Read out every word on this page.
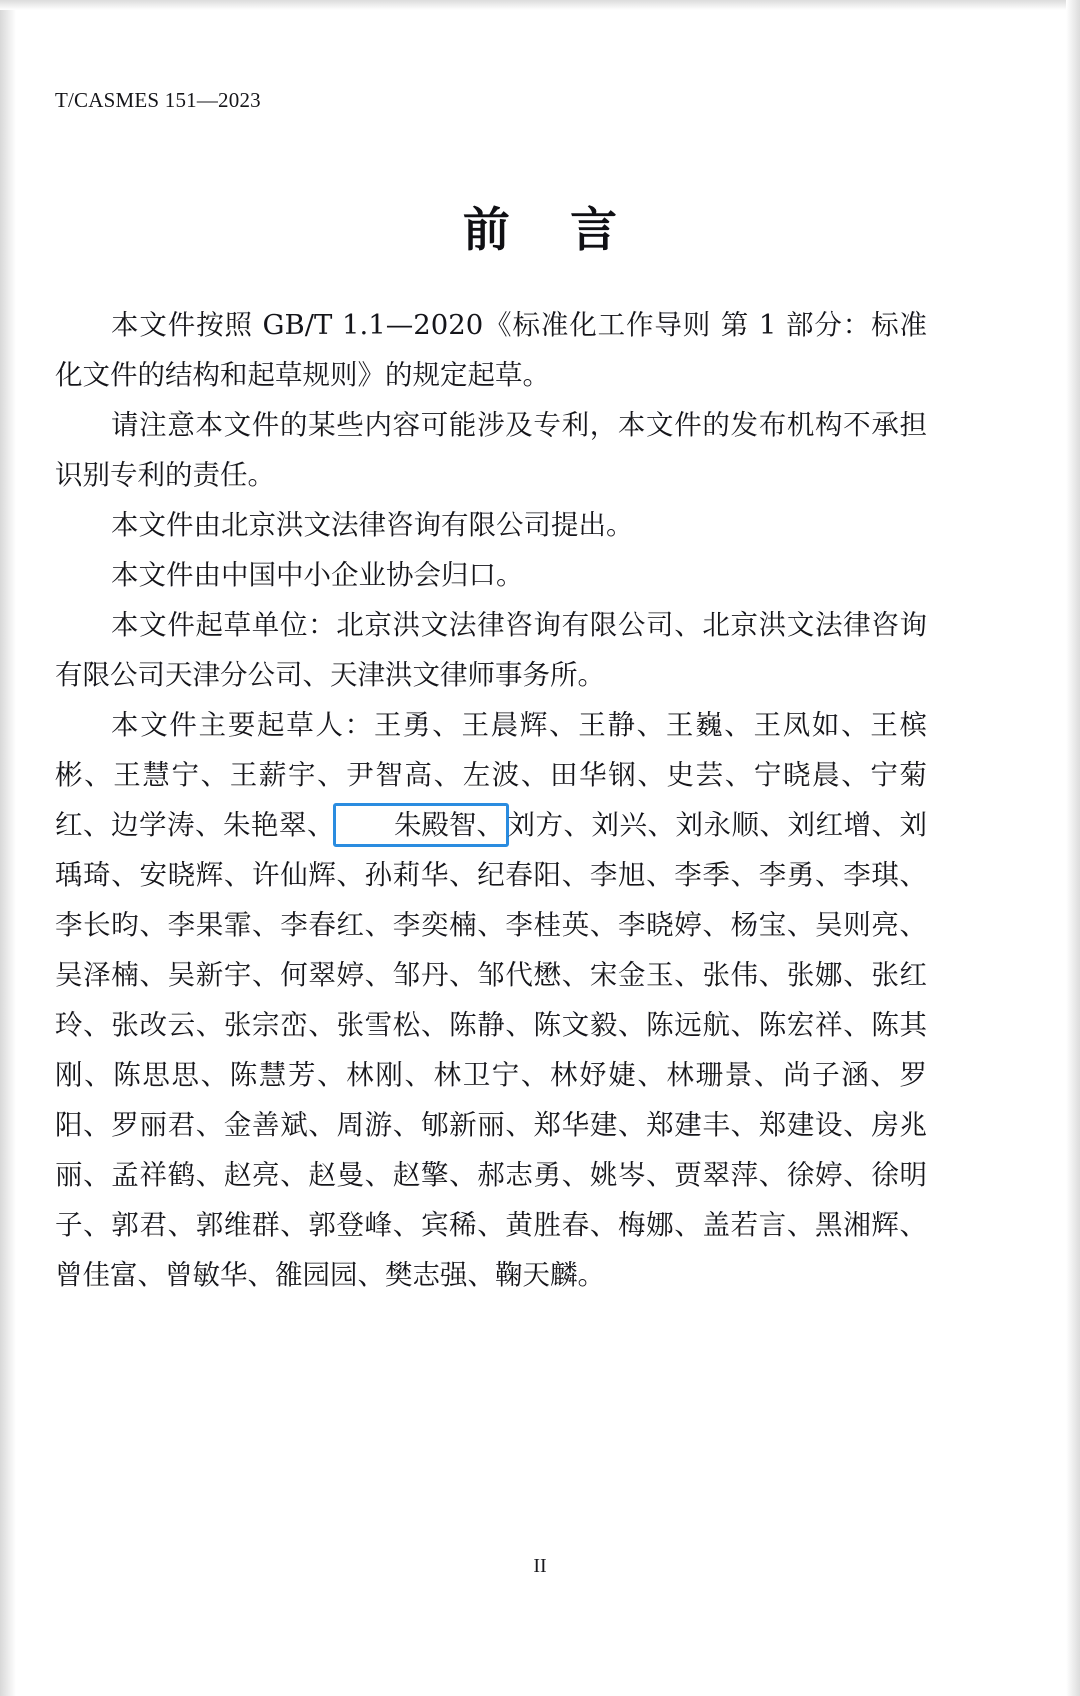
T/CASMES 151—2023
前 言

本文件按照 GB/T 1.1—2020《标准化工作导则 第 1 部分：标准化文件的结构和起草规则》的规定起草。

请注意本文件的某些内容可能涉及专利，本文件的发布机构不承担识别专利的责任。

本文件由北京洪文法律咨询有限公司提出。

本文件由中国中小企业协会归口。

本文件起草单位：北京洪文法律咨询有限公司、北京洪文法律咨询有限公司天津分公司、天津洪文律师事务所。

本文件主要起草人：王勇、王晨辉、王静、王巍、王凤如、王槟彬、王慧宁、王薪宇、尹智高、左波、田华钢、史芸、宁晓晨、宁菊红、边学涛、朱艳翠、 朱殿智、 刘方、刘兴、刘永顺、刘红增、刘瑀琦、安晓辉、许仙辉、孙莉华、纪春阳、李旭、李季、李勇、李琪、李长昀、李果霏、李春红、李奕楠、李桂英、李晓婷、杨宝、吴则亮、吴泽楠、吴新宇、何翠婷、邹丹、邹代懋、宋金玉、张伟、张娜、张红玲、张改云、张宗峦、张雪松、陈静、陈文毅、陈远航、陈宏祥、陈其刚、陈思思、陈慧芳、林刚、林卫宁、林妤婕、林珊景、尚子涵、罗阳、罗丽君、金善斌、周游、郇新丽、郑华建、郑建丰、郑建设、房兆丽、孟祥鹤、赵亮、赵曼、赵擎、郝志勇、姚岑、贾翠萍、徐婷、徐明子、郭君、郭维群、郭登峰、宾稀、黄胜春、梅娜、盖若言、黑湘辉、曾佳富、曾敏华、雒园园、樊志强、鞠天麟。

II
